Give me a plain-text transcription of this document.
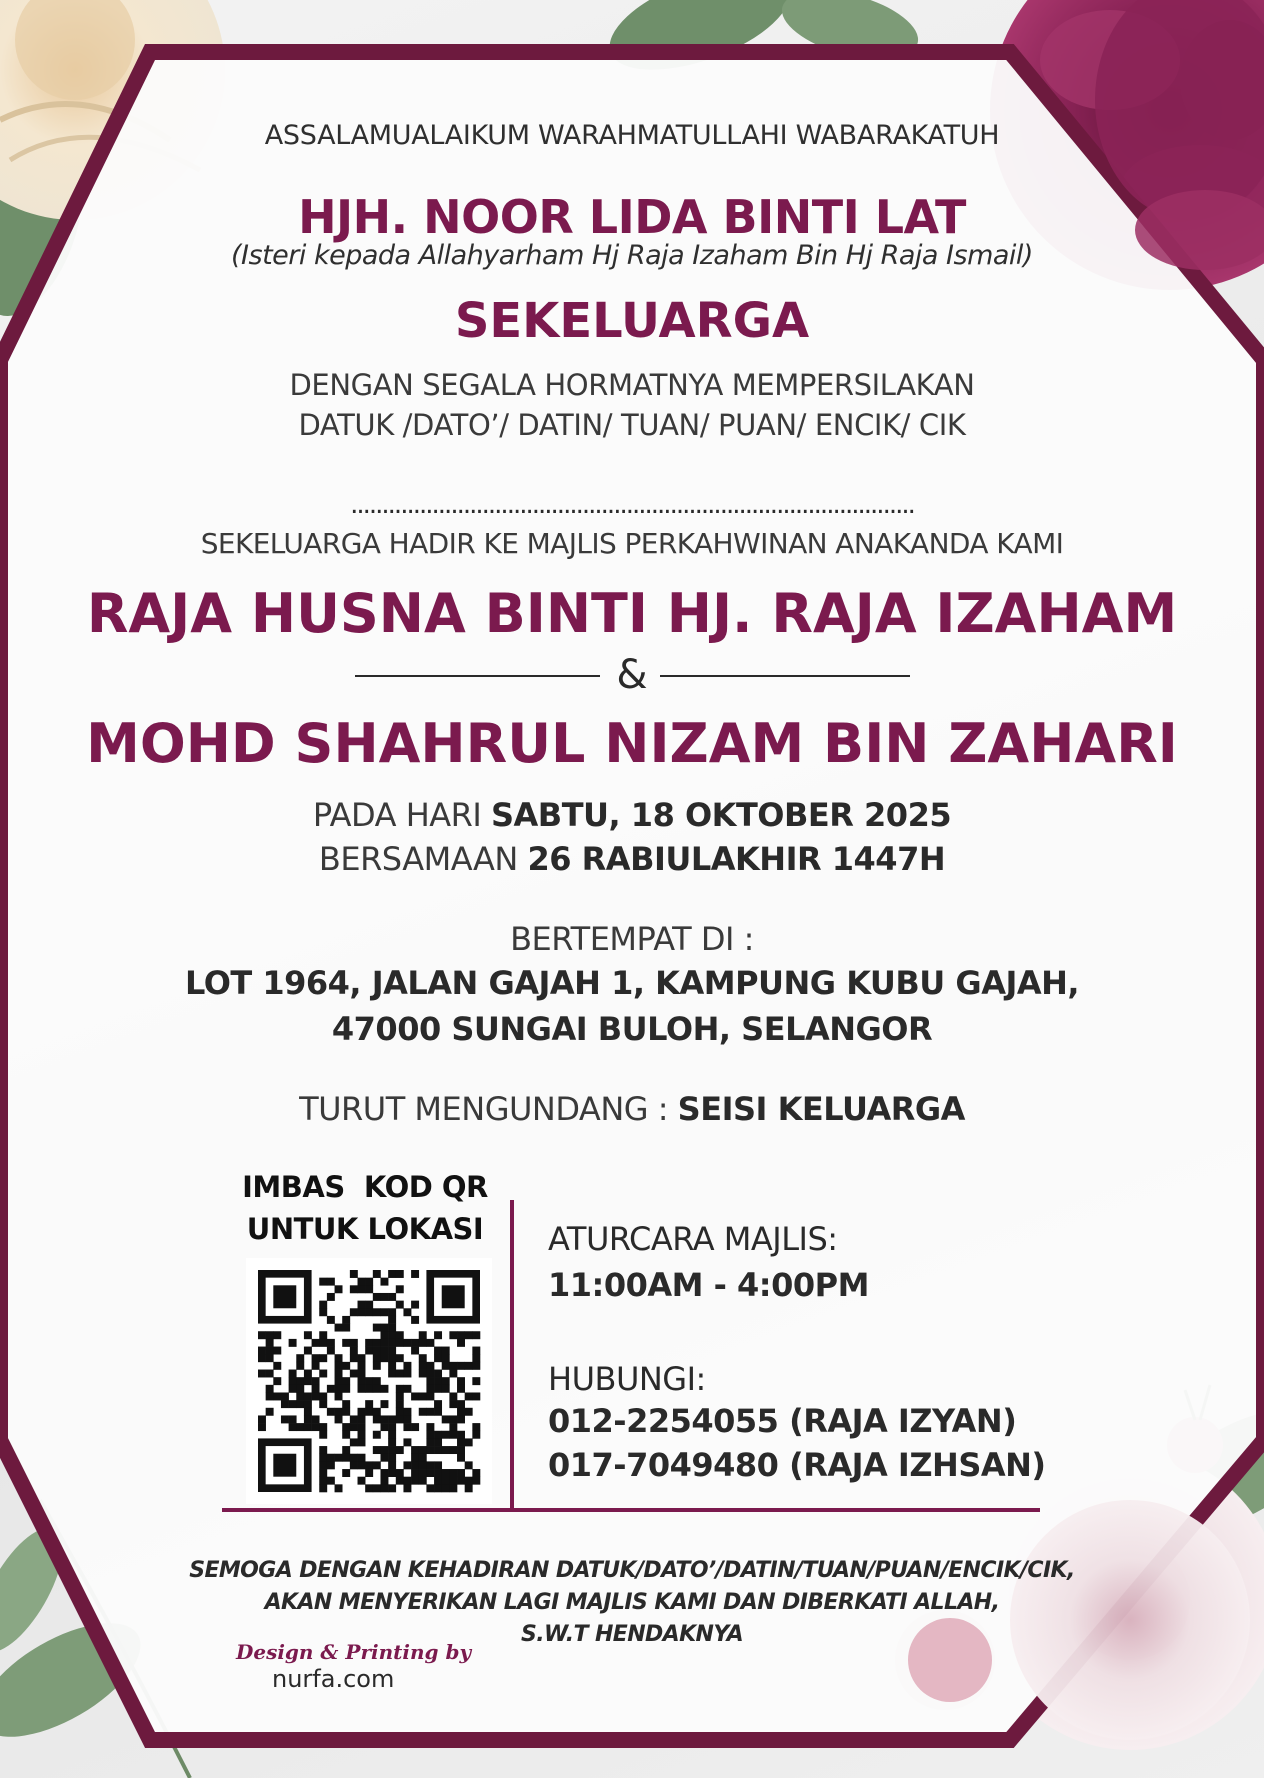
ASSALAMUALAIKUM WARAHMATULLAHI WABARAKATUH
HJH. NOOR LIDA BINTI LAT
(Isteri kepada Allahyarham Hj Raja Izaham Bin Hj Raja Ismail)
SEKELUARGA
DENGAN SEGALA HORMATNYA MEMPERSILAKAN
DATUK /DATO’/ DATIN/ TUAN/ PUAN/ ENCIK/ CIK
..........................................................................................
SEKELUARGA HADIR KE MAJLIS PERKAHWINAN ANAKANDA KAMI
RAJA HUSNA BINTI HJ. RAJA IZAHAM
&
MOHD SHAHRUL NIZAM BIN ZAHARI
PADA HARI SABTU, 18 OKTOBER 2025
BERSAMAAN 26 RABIULAKHIR 1447H
BERTEMPAT DI :
LOT 1964, JALAN GAJAH 1, KAMPUNG KUBU GAJAH,
47000 SUNGAI BULOH, SELANGOR
TURUT MENGUNDANG : SEISI KELUARGA
IMBAS  KOD QR
UNTUK LOKASI	ATURCARA MAJLIS:
11:00AM - 4:00PM
HUBUNGI:
012-2254055 (RAJA IZYAN)
017-7049480 (RAJA IZHSAN)
SEMOGA DENGAN KEHADIRAN DATUK/DATO’/DATIN/TUAN/PUAN/ENCIK/CIK,
AKAN MENYERIKAN LAGI MAJLIS KAMI DAN DIBERKATI ALLAH,
S.W.T HENDAKNYA
Design & Printing by
nurfa.com
